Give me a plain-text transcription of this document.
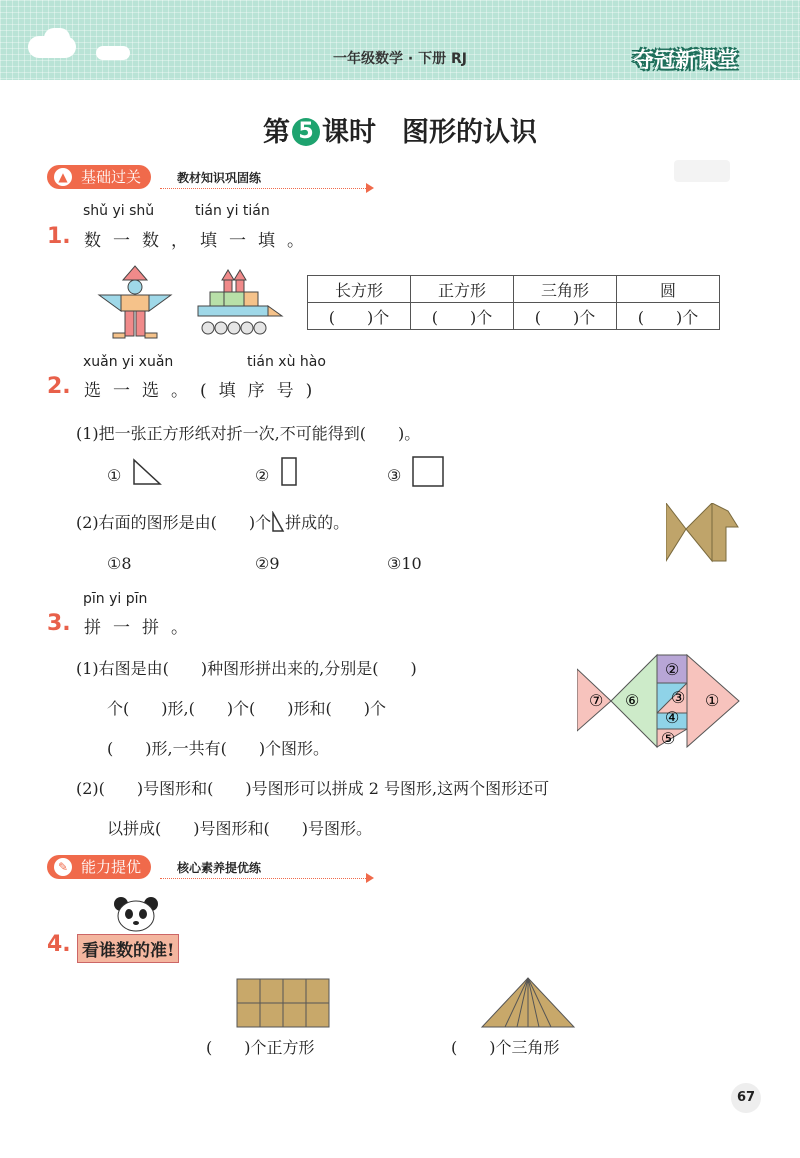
一年级数学 · 下册 RJ	夺冠新课堂
第 5 课时 图形的认识
▲ 基础过关	教材知识巩固练
shǔ yi shǔ	tián yi tián
1. 数一数，填一填。
长方形	正方形	三角形	圆
(　　)个	(　　)个	(　　)个	(　　)个
xuǎn yi xuǎn	tián xù hào
2. 选一选。(填序号)
(1)把一张正方形纸对折一次,不可能得到(　　)。
①	②	③
(2)右面的图形是由(　　)个 拼成的。
①8	②9	③10
pīn yi pīn
3. 拼一拼。
(1)右图是由(　　)种图形拼出来的,分别是(　　)
个(　　)形,(　　)个(　　)形和(　　)个
(　　)形,一共有(　　)个图形。
(2)(　　)号图形和(　　)号图形可以拼成 2 号图形,这两个图形还可
以拼成(　　)号图形和(　　)号图形。
⑦ ⑥
②
③
④
⑤
①
✎ 能力提优	核心素养提优练
4. 看谁数的准!
(　　)个正方形	(　　)个三角形
67
